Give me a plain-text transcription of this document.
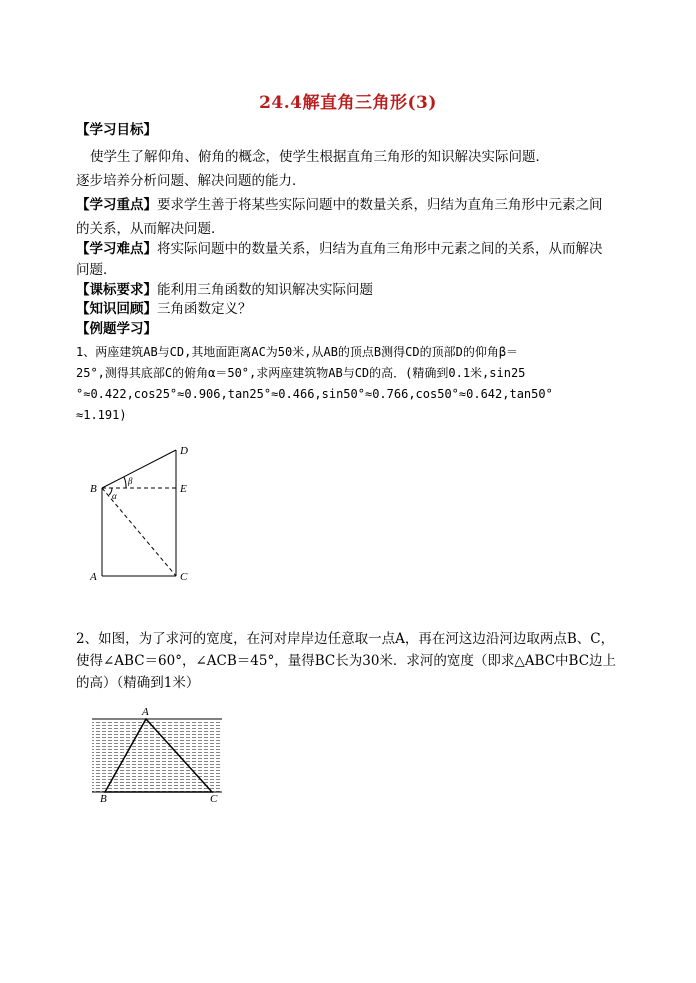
24.4解直角三角形(3)
【学习目标】
使学生了解仰角、俯角的概念，使学生根据直角三角形的知识解决实际问题．
逐步培养分析问题、解决问题的能力．
【学习重点】要求学生善于将某些实际问题中的数量关系，归结为直角三角形中元素之间
的关系，从而解决问题．
【学习难点】将实际问题中的数量关系，归结为直角三角形中元素之间的关系，从而解决
问题．
【课标要求】能利用三角函数的知识解决实际问题
【知识回顾】三角函数定义？
【例题学习】
1、两座建筑AB与CD,其地面距离AC为50米,从AB的顶点B测得CD的顶部D的仰角β＝
25°,测得其底部C的俯角α＝50°,求两座建筑物AB与CD的高．(精确到0.1米,sin25
°≈0.422,cos25°≈0.906,tan25°≈0.466,sin50°≈0.766,cos50°≈0.642,tan50°
≈1.191)
B
A	C
D
E
α
β
2、如图，为了求河的宽度，在河对岸岸边任意取一点A，再在河这边沿河边取两点B、C，
使得∠ABC＝60°，∠ACB＝45°，量得BC长为30米．求河的宽度（即求△ABC中BC边上
的高）（精确到1米）
A
B	C
